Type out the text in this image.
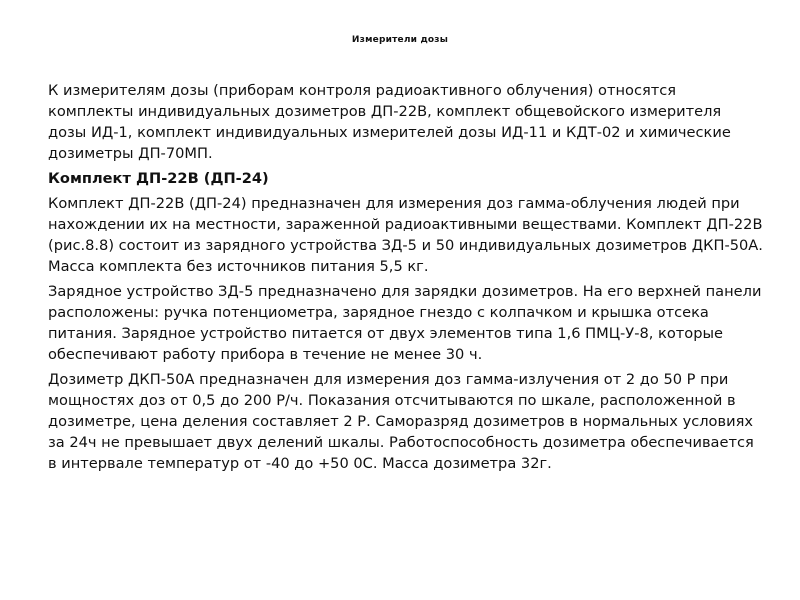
Измерители дозы

К измерителям дозы (приборам контроля радиоактивного облучения) относятся комплекты индивидуальных дозиметров ДП-22В, комплект общевойского измерителя дозы ИД-1, комплект индивидуальных измерителей дозы ИД-11 и КДТ-02 и химические дозиметры ДП-70МП.

Комплект ДП-22В (ДП-24)

Комплект ДП-22В (ДП-24) предназначен для измерения доз гамма-облучения людей при нахождении их на местности, зараженной радиоактивными веществами. Комплект ДП-22В (рис.8.8) состоит из зарядного устройства ЗД-5 и 50 индивидуальных дозиметров ДКП-50А. Масса комплекта без источников питания 5,5 кг.

Зарядное устройство ЗД-5 предназначено для зарядки дозиметров. На его верхней панели расположены: ручка потенциометра, зарядное гнездо с колпачком и крышка отсека питания. Зарядное устройство питается от двух элементов типа 1,6 ПМЦ-У-8, которые обеспечивают работу прибора в течение не менее 30 ч.

Дозиметр ДКП-50А предназначен для измерения доз гамма-излучения от 2 до 50 Р при мощностях доз от 0,5 до 200 Р/ч. Показания отсчитываются по шкале, расположенной в дозиметре, цена деления составляет 2 Р. Саморазряд дозиметров в нормальных условиях за 24ч не превышает двух делений шкалы. Работоспособность дозиметра обеспечивается в интервале температур от -40 до +50 0С. Масса дозиметра 32г.
